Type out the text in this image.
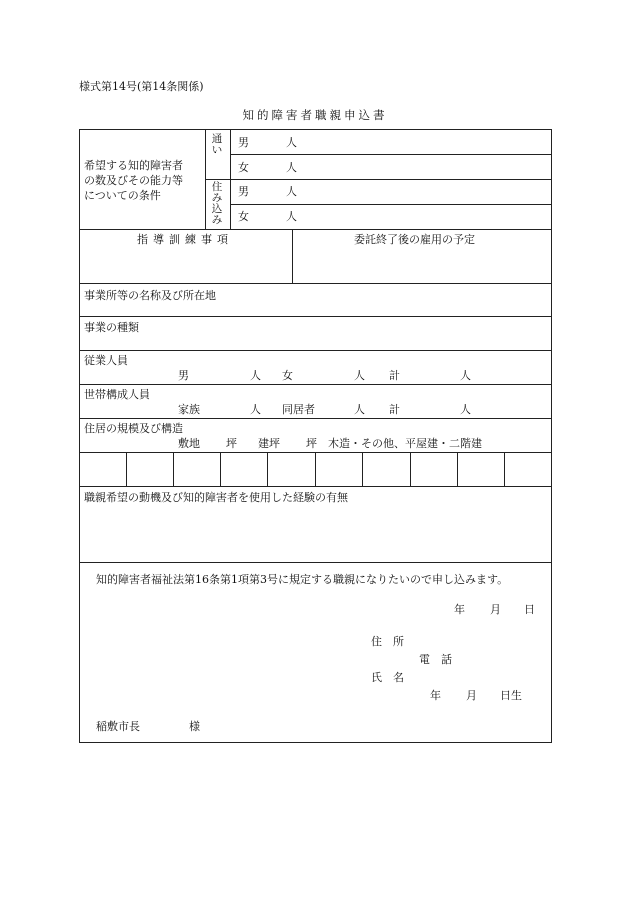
様式第14号(第14条関係)
知的障害者職親申込書
希望する知的障害者
の数及びその能力等
についての条件
通い
住み込み
男	人
女	人
男	人
女	人
指導訓練事項	委託終了後の雇用の予定
事業所等の名称及び所在地
事業の種類
従業人員
男	人 女	人 計	人
世帯構成人員
家族	人 同居者	人 計	人
住居の規模及び構造
敷地 坪 建坪 坪 木造・その他、平屋建・二階建
職親希望の動機及び知的障害者を使用した経験の有無
知的障害者福祉法第16条第1項第3号に規定する職親になりたいので申し込みます。
年 月 日
住　所
電　話
氏　名
年 月 日生
稲敷市長	様
